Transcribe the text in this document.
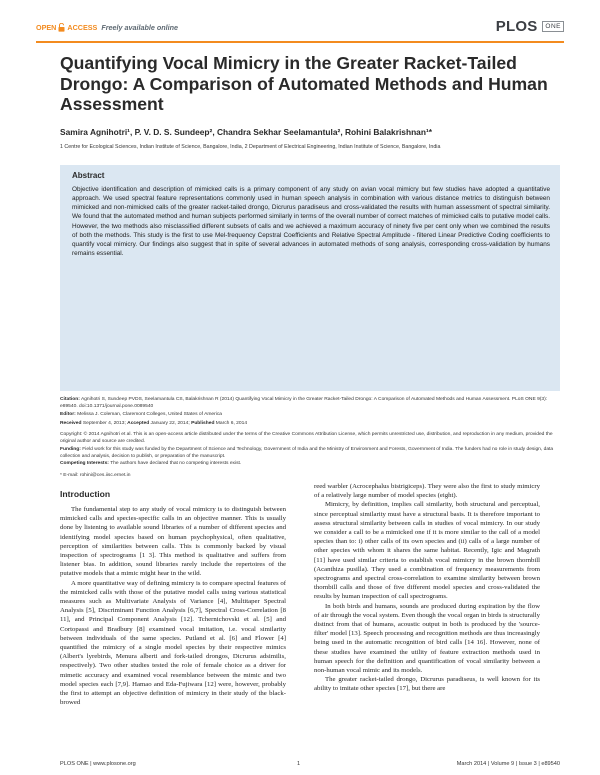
OPEN ACCESS Freely available online	PLOS	ONE
Quantifying Vocal Mimicry in the Greater Racket-Tailed Drongo: A Comparison of Automated Methods and Human Assessment
Samira Agnihotri¹, P. V. D. S. Sundeep², Chandra Sekhar Seelamantula², Rohini Balakrishnan¹*
1 Centre for Ecological Sciences, Indian Institute of Science, Bangalore, India, 2 Department of Electrical Engineering, Indian Institute of Science, Bangalore, India
Abstract

Objective identification and description of mimicked calls is a primary component of any study on avian vocal mimicry but few studies have adopted a quantitative approach. We used spectral feature representations commonly used in human speech analysis in combination with various distance metrics to distinguish between mimicked and non-mimicked calls of the greater racket-tailed drongo, Dicrurus paradiseus and cross-validated the results with human assessment of spectral similarity. We found that the automated method and human subjects performed similarly in terms of the overall number of correct matches of mimicked calls to putative model calls. However, the two methods also misclassified different subsets of calls and we achieved a maximum accuracy of ninety five per cent only when we combined the results of both the methods. This study is the first to use Mel-frequency Cepstral Coefficients and Relative Spectral Amplitude - filtered Linear Predictive Coding coefficients to quantify vocal mimicry. Our findings also suggest that in spite of several advances in automated methods of song analysis, corresponding cross-validation by humans remains essential.

Citation: Agnihotri S, Sundeep PVDS, Seelamantula CS, Balakrishnan R (2014) Quantifying Vocal Mimicry in the Greater Racket-Tailed Drongo: A Comparison of Automated Methods and Human Assessment. PLoS ONE 9(3): e89540. doi:10.1371/journal.pone.0089540
Editor: Melissa J. Coleman, Claremont Colleges, United States of America
Received September 4, 2013; Accepted January 22, 2014; Published March 6, 2014
Copyright: © 2014 Agnihotri et al. This is an open-access article distributed under the terms of the Creative Commons Attribution License, which permits unrestricted use, distribution, and reproduction in any medium, provided the original author and source are credited.
Funding: Field work for this study was funded by the Department of Science and Technology, Government of India and the Ministry of Environment and Forests, Government of India. The funders had no role in study design, data collection and analysis, decision to publish, or preparation of the manuscript.
Competing Interests: The authors have declared that no competing interests exist.
* E-mail: rohini@ces.iisc.ernet.in
Introduction

The fundamental step to any study of vocal mimicry is to distinguish between mimicked calls and species-specific calls in an objective manner. This is usually done by listening to available sound libraries of a number of different species and identifying model species based on human psychophysical, often qualitative, perception of similarities between calls. This is commonly backed by visual inspection of spectrograms [1 3]. This method is qualitative and suffers from listener bias. In addition, sound libraries rarely include the repertoires of the putative models that a mimic might hear in the wild.

A more quantitative way of defining mimicry is to compare spectral features of the mimicked calls with those of the putative model calls using various statistical measures such as Multivariate Analysis of Variance [4], Multitaper Spectral Analysis [5], Discriminant Function Analysis [6,7], Spectral Cross-Correlation [8 11], and Principal Component Analysis [12]. Tchernichovski et al. [5] and Cortopassi and Bradbury [8] examined vocal imitation, i.e. vocal similarity between individuals of the same species. Putland et al. [6] and Flower [4] quantified the mimicry of a single model species by their respective mimics (Albert's lyrebirds, Menura alberti and fork-tailed drongos, Dicrurus adsimilis, respectively). Two other studies tested the role of female choice as a driver for mimetic accuracy and examined vocal resemblance between the mimic and two model species each [7,9]. Hamao and Eda-Fujiwara [12] were, however, probably the first to attempt an objective definition of mimicry in their study of the black-browed

reed warbler (Acrocephalus bistrigiceps). They were also the first to study mimicry of a relatively large number of model species (eight).

Mimicry, by definition, implies call similarity, both structural and perceptual, since perceptual similarity must have a structural basis. It is therefore important to assess structural similarity between calls in studies of vocal mimicry. In our study we consider a call to be a mimicked one if it is more similar to the call of a model species than to: i) other calls of its own species and (ii) calls of a large number of other species with whom it shares the same habitat. Recently, Igic and Magrath [11] have used similar criteria to establish vocal mimicry in the brown thornbill (Acanthiza pusilla). They used a combination of frequency measurements from spectrograms and spectral cross-correlation to examine similarity between brown thornbill calls and those of five different model species and cross-validated the results by human inspection of call spectrograms.

In both birds and humans, sounds are produced during expiration by the flow of air through the vocal system. Even though the vocal organ in birds is structurally distinct from that of humans, acoustic output in both is produced by the 'source-filter' model [13]. Speech processing and recognition methods are thus increasingly being used in the automatic recognition of bird calls [14 16]. However, none of these studies have examined the utility of feature extraction methods used in human speech for the definition and quantification of vocal similarity between a non-human vocal mimic and its models.

The greater racket-tailed drongo, Dicrurus paradiseus, is well known for its ability to imitate other species [17], but there are

PLOS ONE | www.plosone.org	1	March 2014 | Volume 9 | Issue 3 | e89540
